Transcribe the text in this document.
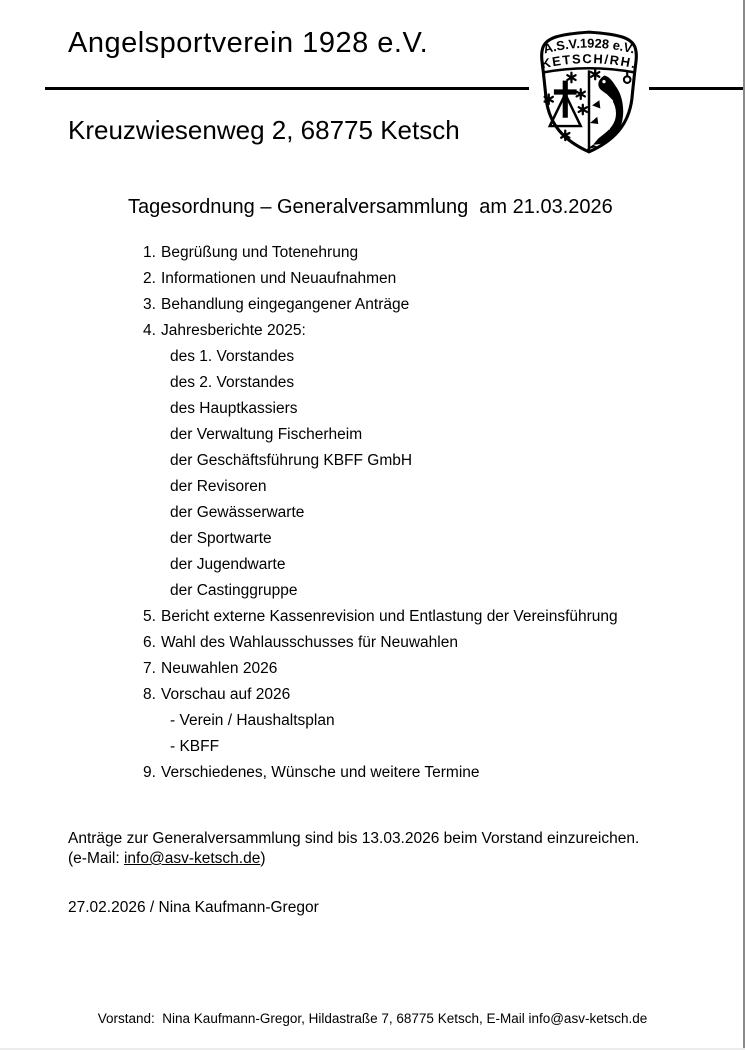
Angelsportverein 1928 e.V.	A.S.V.1928 e.V.
KETSCH/RH.
Kreuzwiesenweg 2, 68775 Ketsch
Tagesordnung – Generalversammlung  am 21.03.2026
1. Begrüßung und Totenehrung
2. Informationen und Neuaufnahmen
3. Behandlung eingegangener Anträge
4. Jahresberichte 2025:
des 1. Vorstandes
des 2. Vorstandes
des Hauptkassiers
der Verwaltung Fischerheim
der Geschäftsführung KBFF GmbH
der Revisoren
der Gewässerwarte
der Sportwarte
der Jugendwarte
der Castinggruppe
5. Bericht externe Kassenrevision und Entlastung der Vereinsführung
6. Wahl des Wahlausschusses für Neuwahlen
7. Neuwahlen 2026
8. Vorschau auf 2026
- Verein / Haushaltsplan
- KBFF
9. Verschiedenes, Wünsche und weitere Termine
Anträge zur Generalversammlung sind bis 13.03.2026 beim Vorstand einzureichen.
(e-Mail: info@asv-ketsch.de)
27.02.2026 / Nina Kaufmann-Gregor
Vorstand:  Nina Kaufmann-Gregor, Hildastraße 7, 68775 Ketsch, E-Mail info@asv-ketsch.de
